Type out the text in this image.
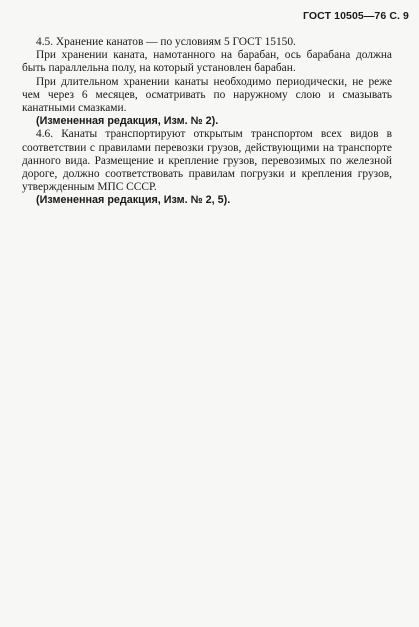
ГОСТ 10505—76 С. 9

4.5. Хранение канатов — по условиям 5 ГОСТ 15150.

При хранении каната, намотанного на барабан, ось барабана должна быть параллельна полу, на который установлен барабан.

При длительном хранении канаты необходимо периодически, не реже чем через 6 месяцев, осматривать по наружному слою и смазывать канатными смазками.

(Измененная редакция, Изм. № 2).

4.6. Канаты транспортируют открытым транспортом всех видов в соответствии с правилами перевозки грузов, действующими на транспорте данного вида. Размещение и крепление грузов, перевозимых по железной дороге, должно соответствовать правилам погрузки и крепления грузов, утвержденным МПС СССР.

(Измененная редакция, Изм. № 2, 5).
